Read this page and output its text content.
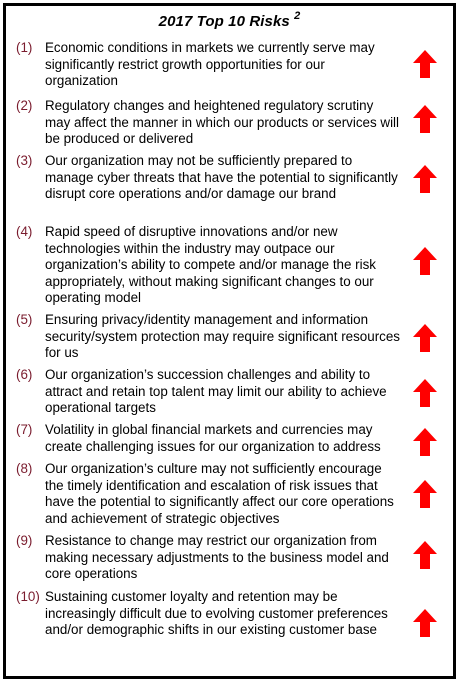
2017 Top 10 Risks $^2$
(1) Economic conditions in markets we currently serve may significantly restrict growth opportunities for our organization
(2) Regulatory changes and heightened regulatory scrutiny may affect the manner in which our products or services will be produced or delivered
(3) Our organization may not be sufficiently prepared to manage cyber threats that have the potential to significantly disrupt core operations and/or damage our brand
(4) Rapid speed of disruptive innovations and/or new technologies within the industry may outpace our organization’s ability to compete and/or manage the risk appropriately, without making significant changes to our operating model
(5) Ensuring privacy/identity management and information security/system protection may require significant resources for us
(6) Our organization’s succession challenges and ability to attract and retain top talent may limit our ability to achieve operational targets
(7) Volatility in global financial markets and currencies may create challenging issues for our organization to address
(8) Our organization’s culture may not sufficiently encourage the timely identification and escalation of risk issues that have the potential to significantly affect our core operations and achievement of strategic objectives
(9) Resistance to change may restrict our organization from making necessary adjustments to the business model and core operations
(10) Sustaining customer loyalty and retention may be increasingly difficult due to evolving customer preferences and/or demographic shifts in our existing customer base
